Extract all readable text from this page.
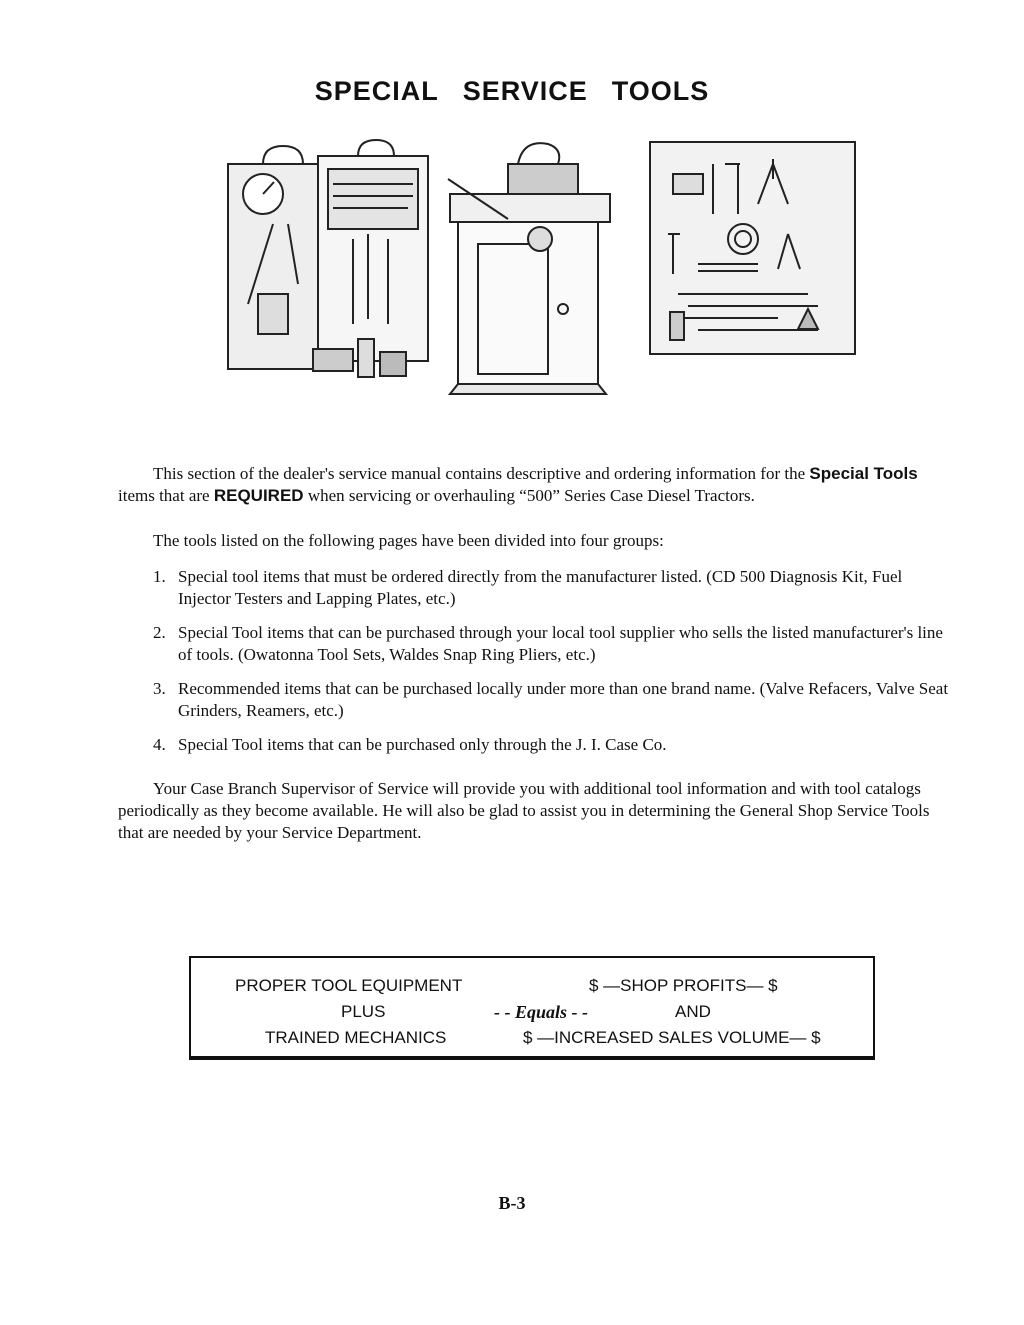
SPECIAL SERVICE TOOLS
This section of the dealer's service manual contains descriptive and ordering information for the Special Tools items that are REQUIRED when servicing or overhauling “500” Series Case Diesel Tractors.
The tools listed on the following pages have been divided into four groups:
1. Special tool items that must be ordered directly from the manufacturer listed. (CD 500 Diagnosis Kit, Fuel Injector Testers and Lapping Plates, etc.)
2. Special Tool items that can be purchased through your local tool supplier who sells the listed manufacturer's line of tools. (Owatonna Tool Sets, Waldes Snap Ring Pliers, etc.)
3. Recommended items that can be purchased locally under more than one brand name. (Valve Refacers, Valve Seat Grinders, Reamers, etc.)
4. Special Tool items that can be purchased only through the J. I. Case Co.
Your Case Branch Supervisor of Service will provide you with additional tool information and with tool catalogs periodically as they become available. He will also be glad to assist you in determining the General Shop Service Tools that are needed by your Service Department.
PROPER TOOL EQUIPMENT
PLUS
TRAINED MECHANICS
- - Equals - -
$ —SHOP PROFITS— $
AND
$ —INCREASED SALES VOLUME— $
B-3
